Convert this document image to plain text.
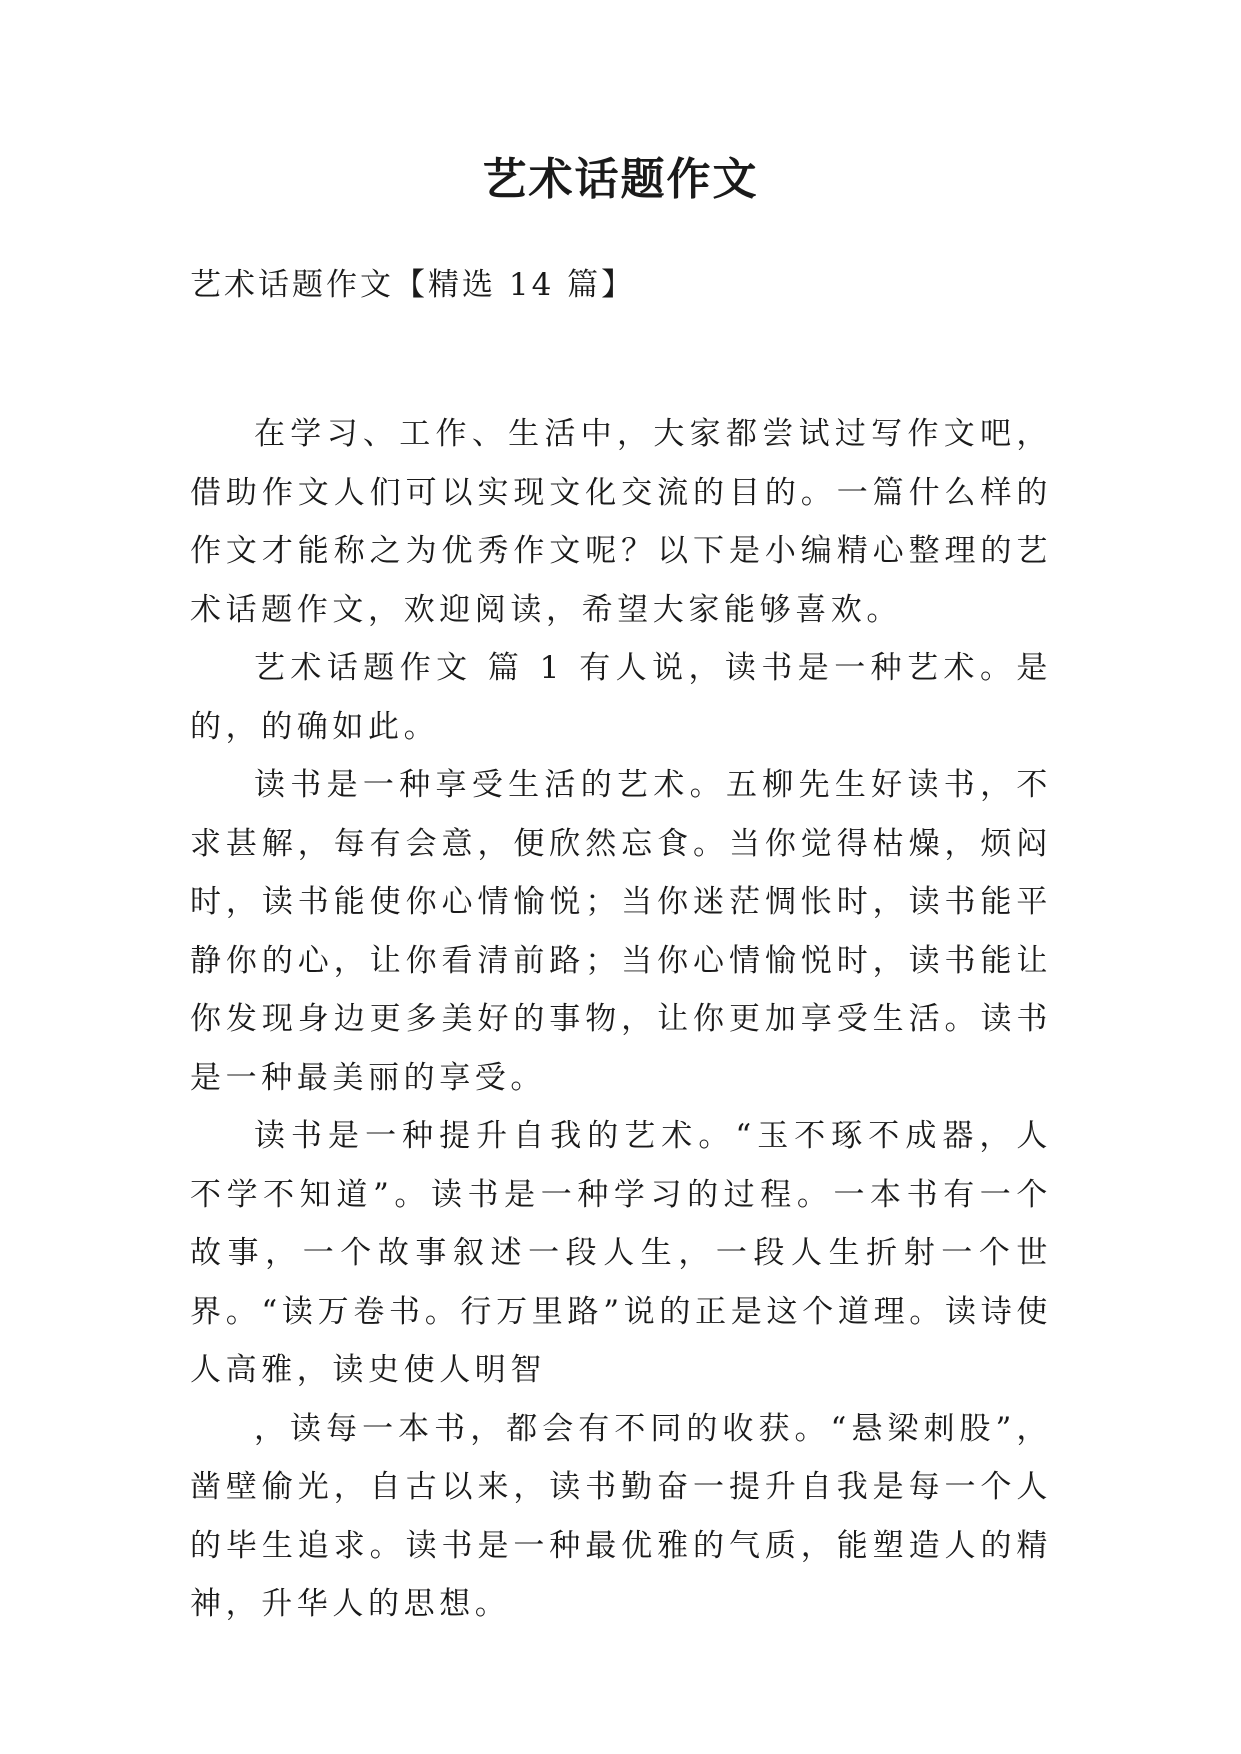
艺术话题作文

艺术话题作文【精选 14 篇】

在学习、工作、生活中，大家都尝试过写作文吧，借助作文人们可以实现文化交流的目的。一篇什么样的作文才能称之为优秀作文呢？以下是小编精心整理的艺术话题作文，欢迎阅读，希望大家能够喜欢。

艺术话题作文 篇 1 有人说，读书是一种艺术。是的，的确如此。

读书是一种享受生活的艺术。五柳先生好读书，不求甚解，每有会意，便欣然忘食。当你觉得枯燥，烦闷时，读书能使你心情愉悦；当你迷茫惆怅时，读书能平静你的心，让你看清前路；当你心情愉悦时，读书能让你发现身边更多美好的事物，让你更加享受生活。读书是一种最美丽的享受。

读书是一种提升自我的艺术。“玉不琢不成器，人不学不知道”。读书是一种学习的过程。一本书有一个故事，一个故事叙述一段人生，一段人生折射一个世界。“读万卷书。行万里路”说的正是这个道理。读诗使人高雅，读史使人明智

，读每一本书，都会有不同的收获。“悬梁刺股”，凿壁偷光，自古以来，读书勤奋一提升自我是每一个人的毕生追求。读书是一种最优雅的气质，能塑造人的精神，升华人的思想。
